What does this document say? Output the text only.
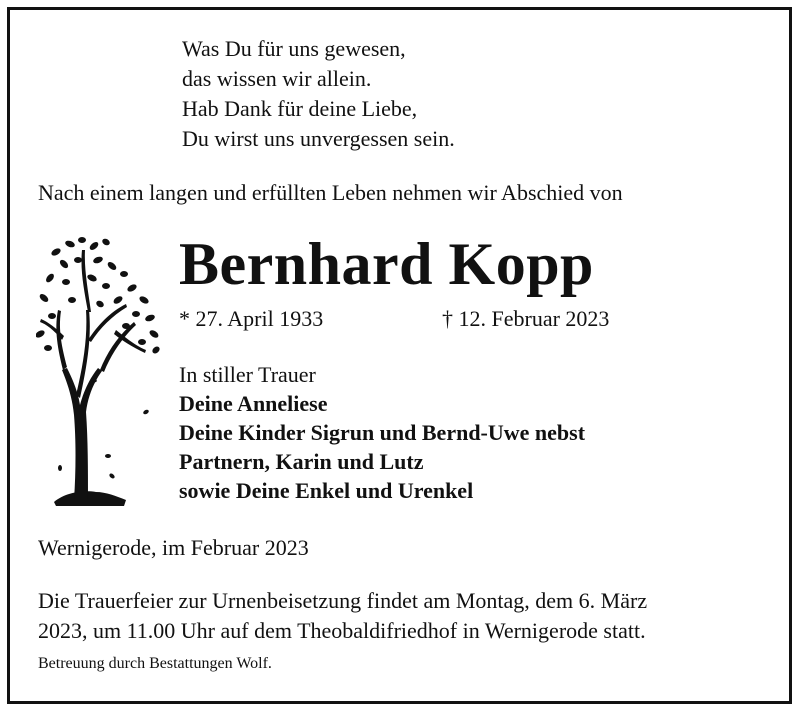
Was Du für uns gewesen,
das wissen wir allein.
Hab Dank für deine Liebe,
Du wirst uns unvergessen sein.
Nach einem langen und erfüllten Leben nehmen wir Abschied von
Bernhard Kopp
* 27. April 1933	† 12. Februar 2023
In stiller Trauer
Deine Anneliese
Deine Kinder Sigrun und Bernd-Uwe nebst
Partnern, Karin und Lutz
sowie Deine Enkel und Urenkel
Wernigerode, im Februar 2023
Die Trauerfeier zur Urnenbeisetzung findet am Montag, dem 6. März
2023, um 11.00 Uhr auf dem Theobaldifriedhof in Wernigerode statt.
Betreuung durch Bestattungen Wolf.
